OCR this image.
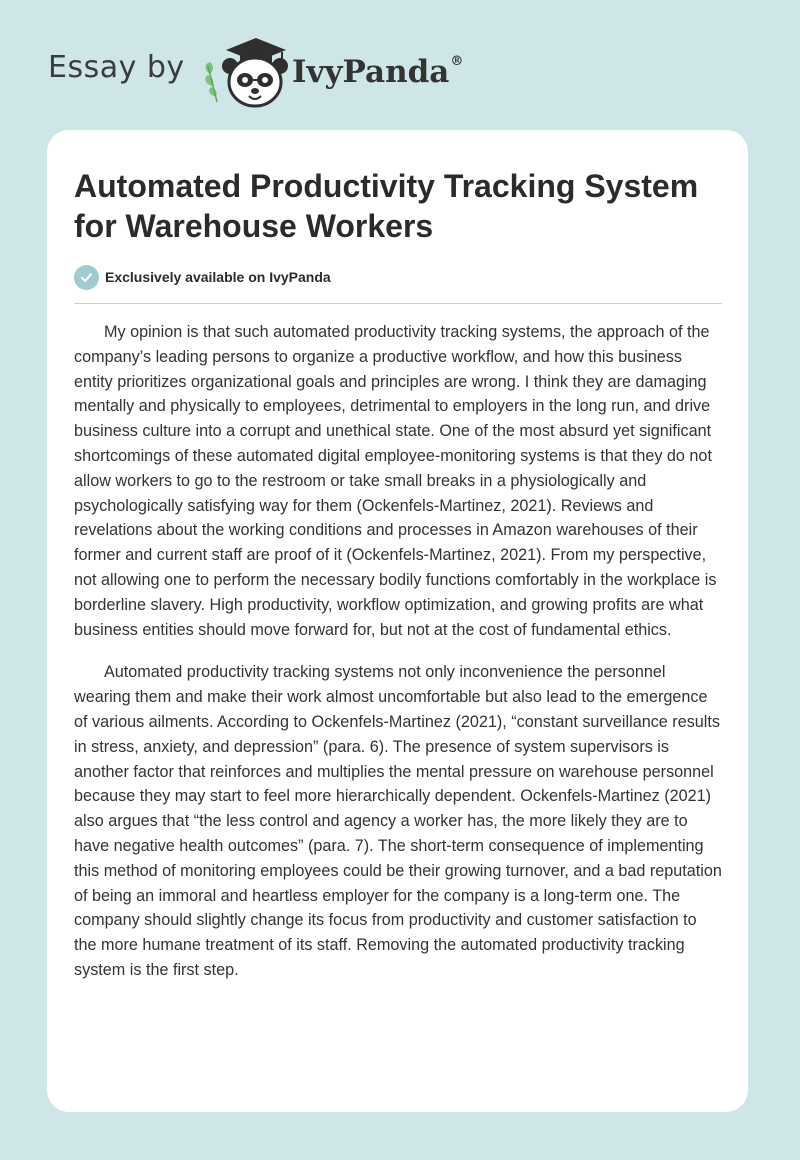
Essay by	IvyPanda®
Automated Productivity Tracking System for Warehouse Workers
Exclusively available on IvyPanda

My opinion is that such automated productivity tracking systems, the approach of the company’s leading persons to organize a productive workflow, and how this business entity prioritizes organizational goals and principles are wrong. I think they are damaging mentally and physically to employees, detrimental to employers in the long run, and drive business culture into a corrupt and unethical state. One of the most absurd yet significant shortcomings of these automated digital employee-monitoring systems is that they do not allow workers to go to the restroom or take small breaks in a physiologically and psychologically satisfying way for them (Ockenfels-Martinez, 2021). Reviews and revelations about the working conditions and processes in Amazon warehouses of their former and current staff are proof of it (Ockenfels-Martinez, 2021). From my perspective, not allowing one to perform the necessary bodily functions comfortably in the workplace is borderline slavery. High productivity, workflow optimization, and growing profits are what business entities should move forward for, but not at the cost of fundamental ethics.

Automated productivity tracking systems not only inconvenience the personnel wearing them and make their work almost uncomfortable but also lead to the emergence of various ailments. According to Ockenfels-Martinez (2021), “constant surveillance results in stress, anxiety, and depression” (para. 6). The presence of system supervisors is another factor that reinforces and multiplies the mental pressure on warehouse personnel because they may start to feel more hierarchically dependent. Ockenfels-Martinez (2021) also argues that “the less control and agency a worker has, the more likely they are to have negative health outcomes” (para. 7). The short-term consequence of implementing this method of monitoring employees could be their growing turnover, and a bad reputation of being an immoral and heartless employer for the company is a long-term one. The company should slightly change its focus from productivity and customer satisfaction to the more humane treatment of its staff. Removing the automated productivity tracking system is the first step.
